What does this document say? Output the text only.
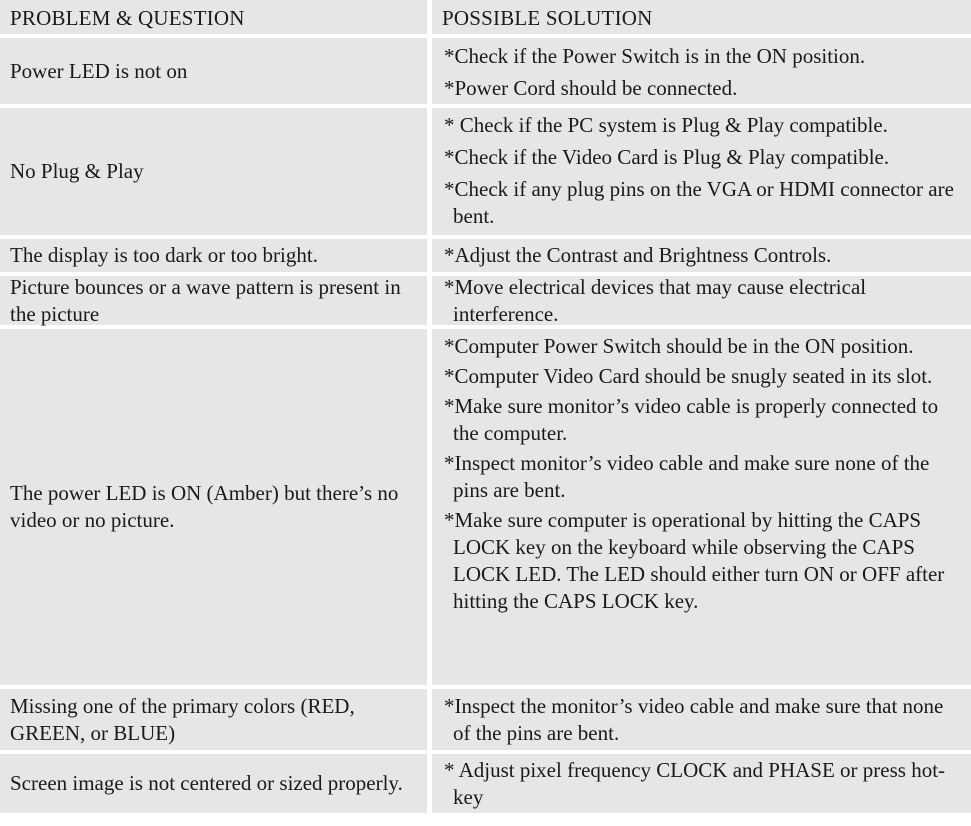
PROBLEM & QUESTION	POSSIBLE SOLUTION
Power LED is not on
*Check if the Power Switch is in the ON position.
*Power Cord should be connected.
No Plug & Play
* Check if the PC system is Plug & Play compatible.
*Check if the Video Card is Plug & Play compatible.
*Check if any plug pins on the VGA or HDMI connector are bent.
The display is too dark or too bright.	*Adjust the Contrast and Brightness Controls.
Picture bounces or a wave pattern is present in the picture
*Move electrical devices that may cause electrical interference.
The power LED is ON (Amber) but there’s no video or no picture.
*Computer Power Switch should be in the ON position.
*Computer Video Card should be snugly seated in its slot.
*Make sure monitor’s video cable is properly connected to the computer.
*Inspect monitor’s video cable and make sure none of the pins are bent.
*Make sure computer is operational by hitting the CAPS LOCK key on the keyboard while observing the CAPS LOCK LED. The LED should either turn ON or OFF after hitting the CAPS LOCK key.
Missing one of the primary colors (RED, GREEN, or BLUE)
*Inspect the monitor’s video cable and make sure that none of the pins are bent.
Screen image is not centered or sized properly.
* Adjust pixel frequency CLOCK and PHASE or press hot-key
